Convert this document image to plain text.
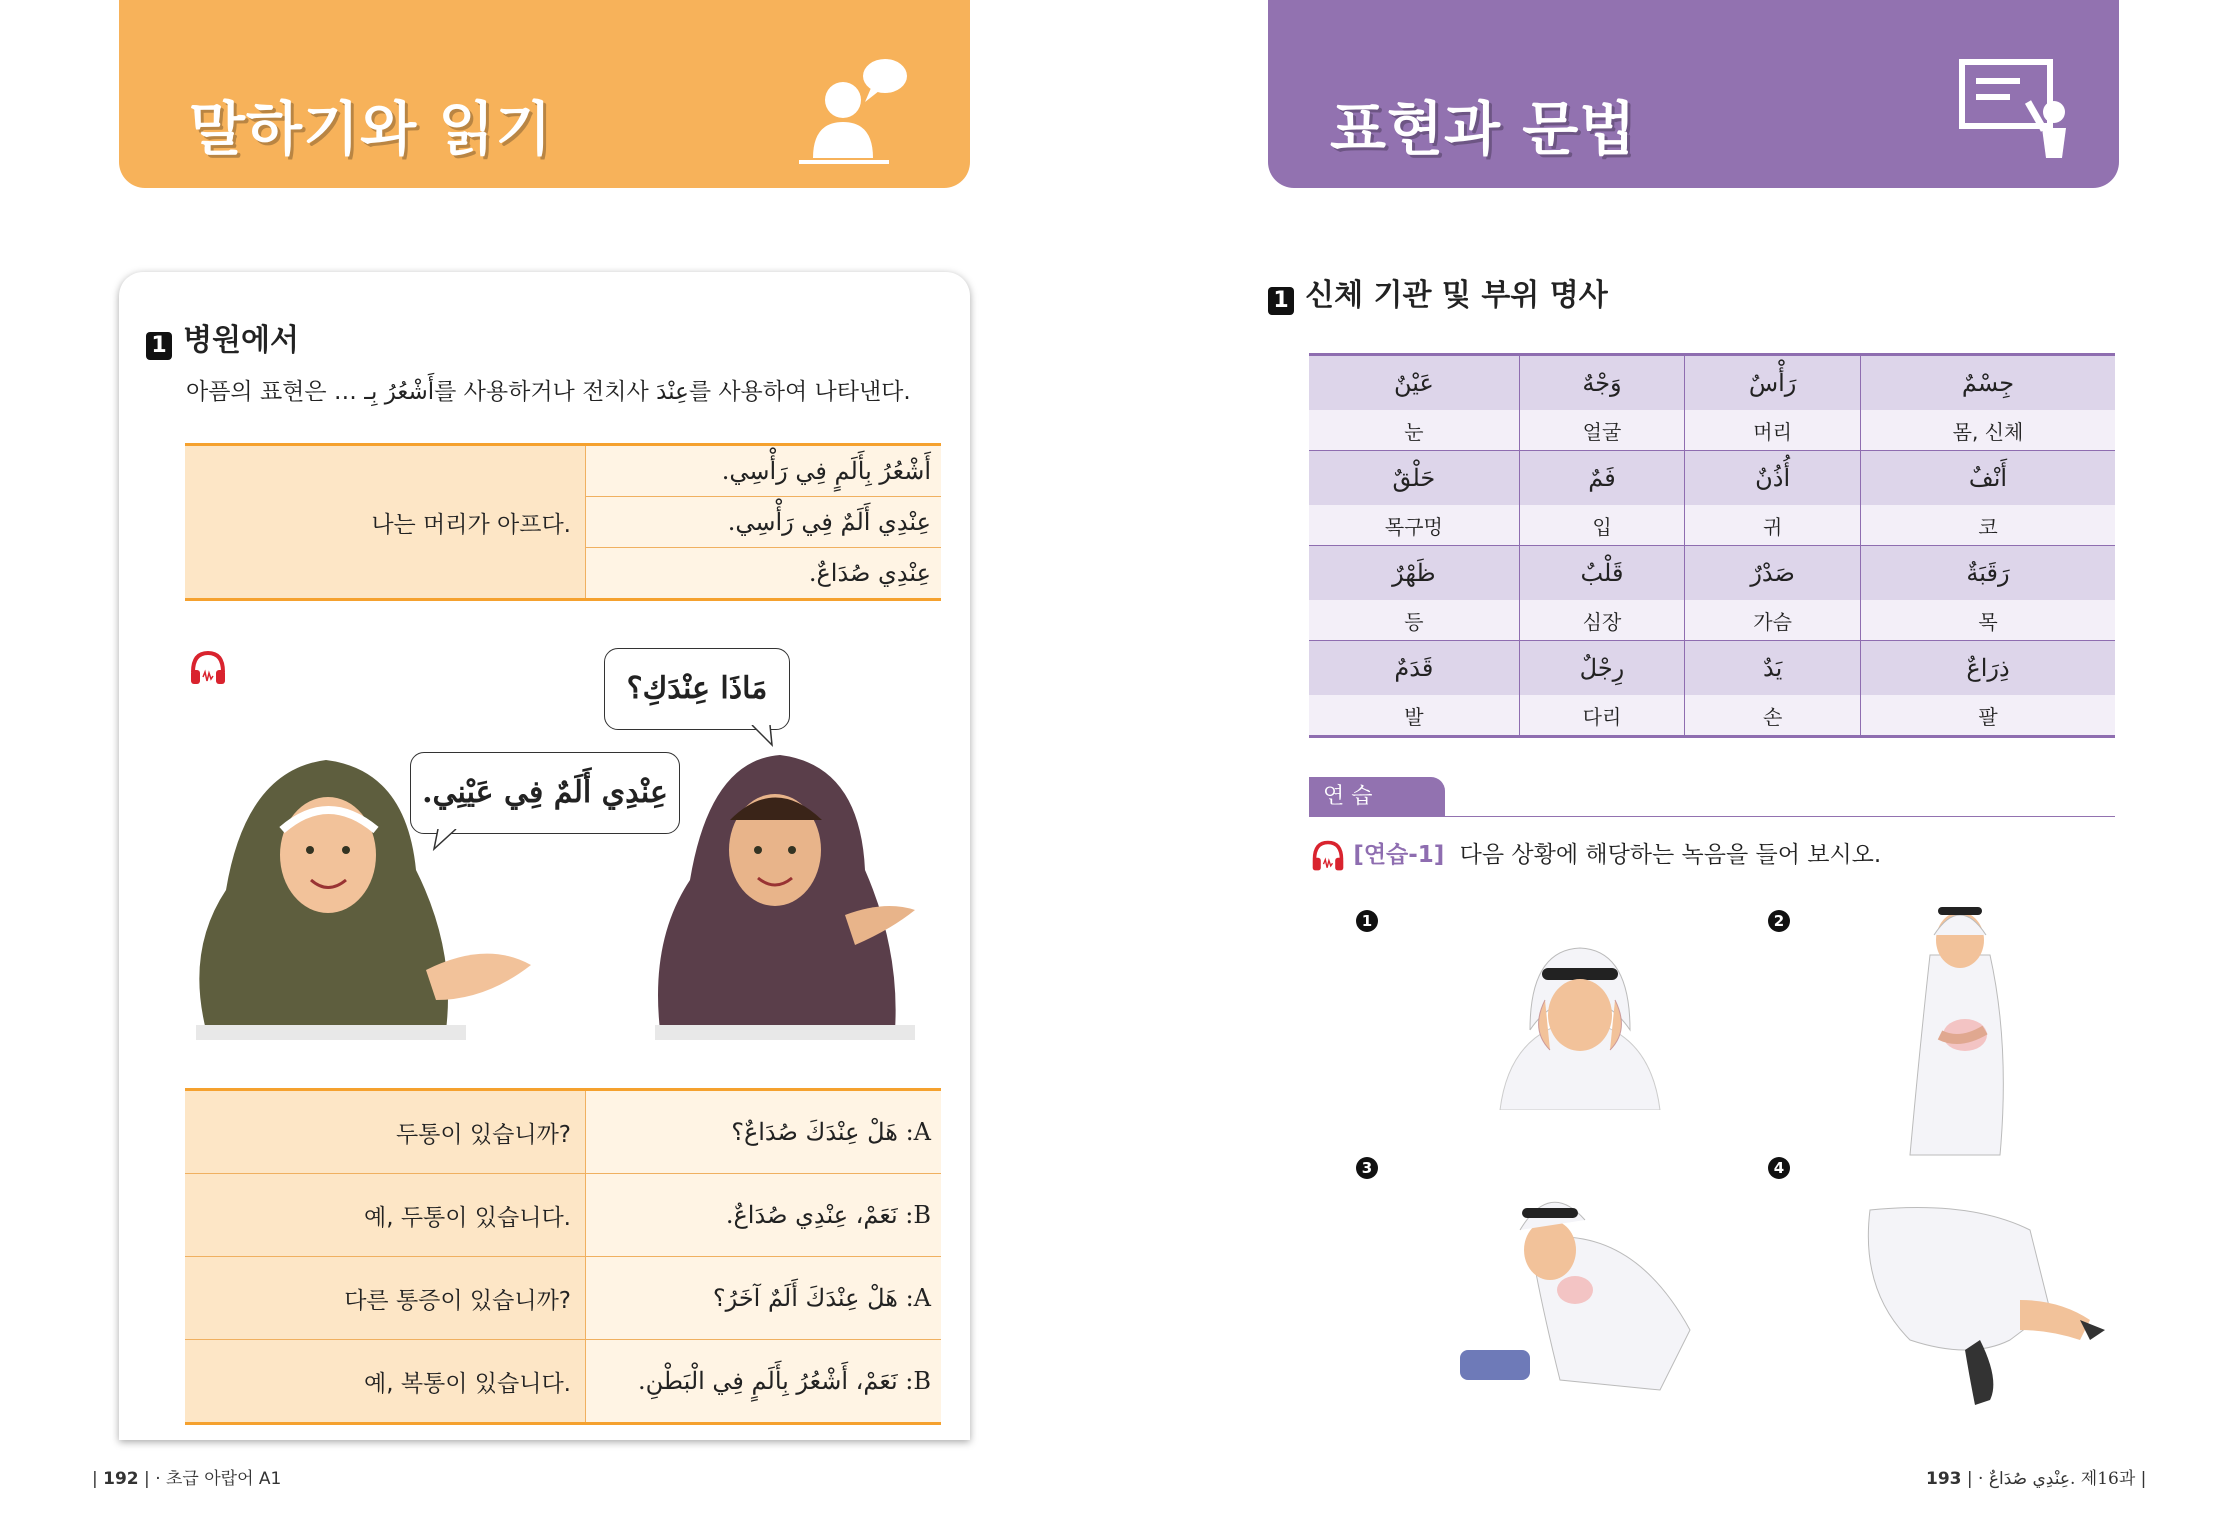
말하기와 읽기
1 병원에서
아픔의 표현은 … أَشْعُرُ بِـ를 사용하거나 전치사 عِنْدَ를 사용하여 나타낸다.
나는 머리가 아프다.	أَشْعُرُ بِأَلَمٍ فِي رَأْسِي.
عِنْدِي أَلَمٌ فِي رَأْسِي.
عِنْدِي صُدَاعٌ.
مَاذَا عِنْدَكِ؟
عِنْدِي أَلَمٌ فِي عَيْنِي.
두통이 있습니까?	A: هَلْ عِنْدَكَ صُدَاعٌ؟
예, 두통이 있습니다.	B: نَعَمْ، عِنْدِي صُدَاعٌ.
다른 통증이 있습니까?	A: هَلْ عِنْدَكَ أَلَمٌ آخَرُ؟
예, 복통이 있습니다.	B: نَعَمْ، أَشْعُرُ بِأَلَمٍ فِي الْبَطْنِ.
| 192 | · 초급 아랍어 A1
표현과 문법
1 신체 기관 및 부위 명사
عَيْنٌ	وَجْهٌ	رَأْسٌ	جِسْمٌ
눈	얼굴	머리	몸, 신체
حَلْقٌ	فَمٌ	أُذُنٌ	أَنْفٌ
목구멍	입	귀	코
ظَهْرٌ	قَلْبٌ	صَدْرٌ	رَقَبَةٌ
등	심장	가슴	목
قَدَمٌ	رِجْلٌ	يَدٌ	ذِرَاعٌ
발	다리	손	팔
연 습
[연습-1] 다음 상황에 해당하는 녹음을 들어 보시오.
1	2
3	4
제16과 .عِنْدِي صُدَاعٌ · | 193	|
